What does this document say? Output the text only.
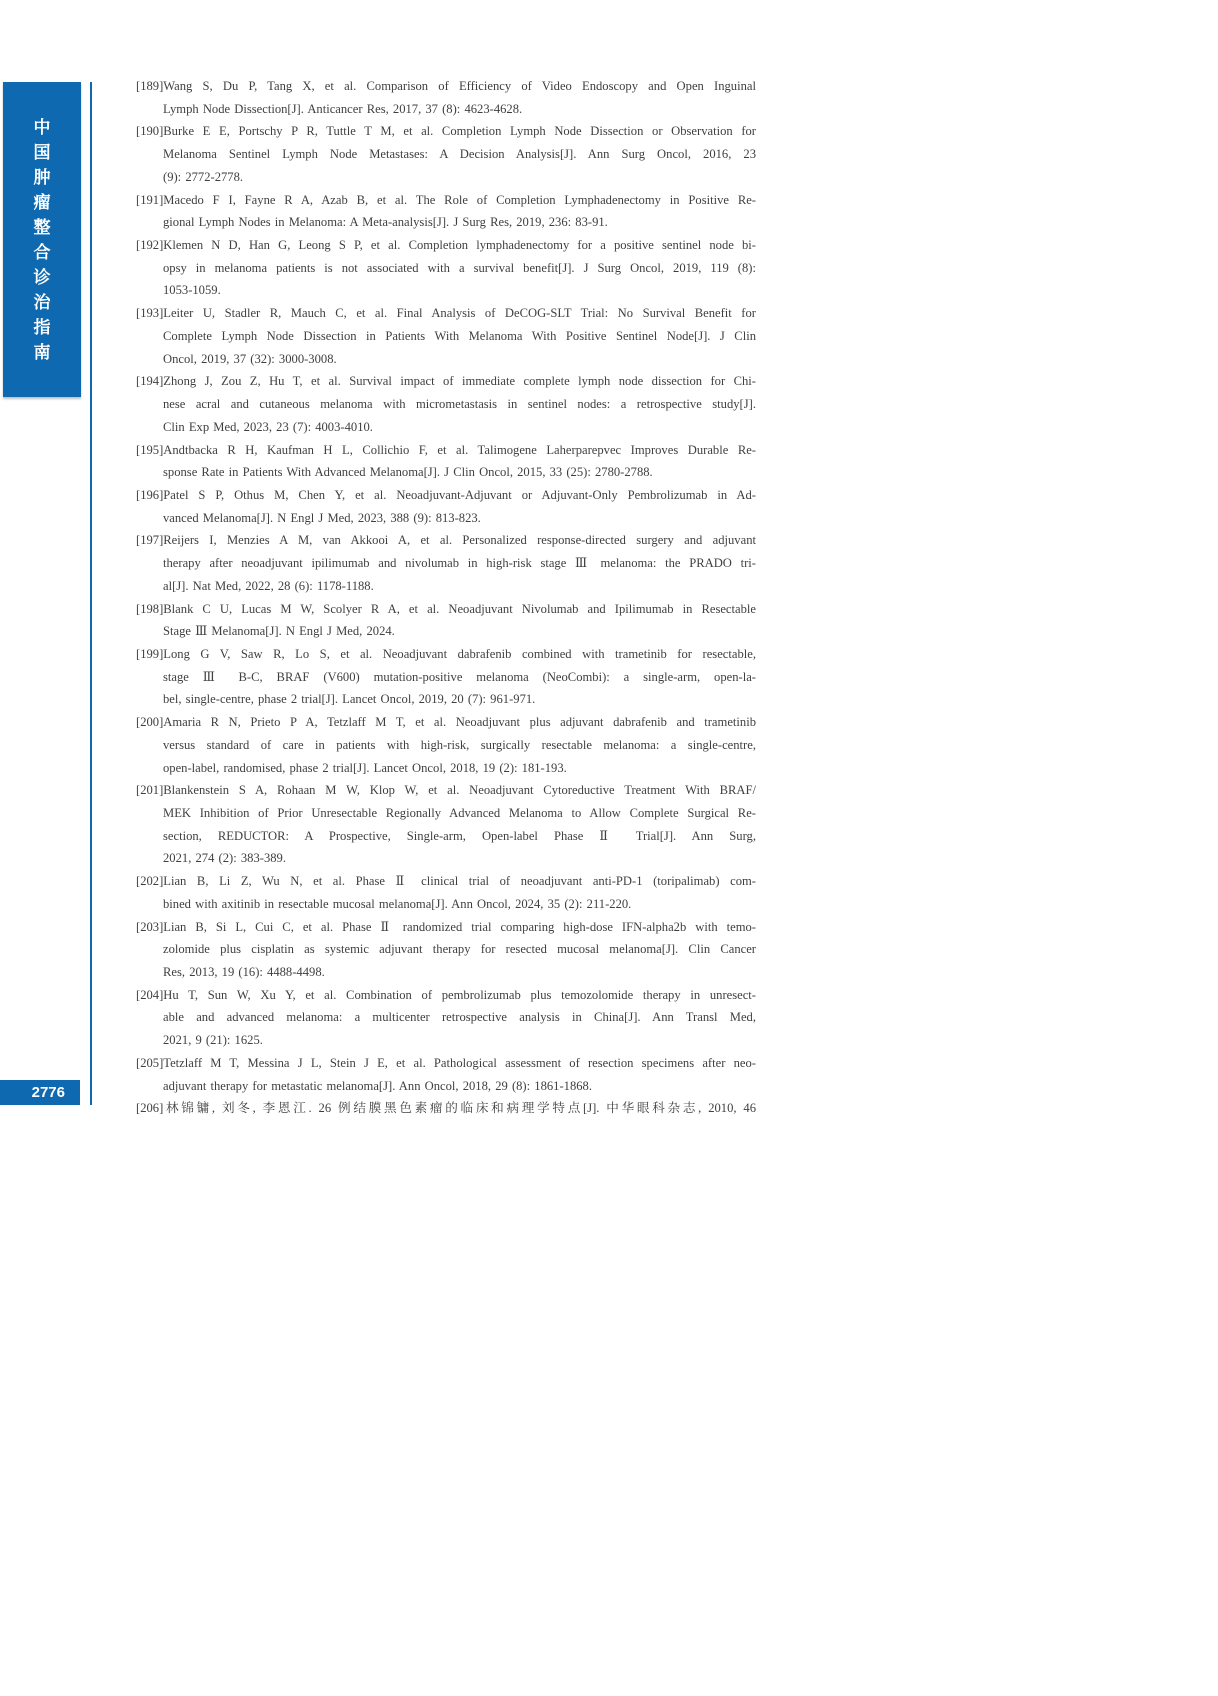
中
国
肿
瘤
整
合
诊
治
指
南
[189]Wang S, Du P, Tang X, et al. Comparison of Efficiency of Video Endoscopy and Open Inguinal
Lymph Node Dissection[J]. Anticancer Res, 2017, 37 (8): 4623-4628.
[190]Burke E E, Portschy P R, Tuttle T M, et al. Completion Lymph Node Dissection or Observation for
Melanoma Sentinel Lymph Node Metastases: A Decision Analysis[J]. Ann Surg Oncol, 2016, 23
(9): 2772-2778.
[191]Macedo F I, Fayne R A, Azab B, et al. The Role of Completion Lymphadenectomy in Positive Re-
gional Lymph Nodes in Melanoma: A Meta-analysis[J]. J Surg Res, 2019, 236: 83-91.
[192]Klemen N D, Han G, Leong S P, et al. Completion lymphadenectomy for a positive sentinel node bi-
opsy in melanoma patients is not associated with a survival benefit[J]. J Surg Oncol, 2019, 119 (8):
1053-1059.
[193]Leiter U, Stadler R, Mauch C, et al. Final Analysis of DeCOG-SLT Trial: No Survival Benefit for
Complete Lymph Node Dissection in Patients With Melanoma With Positive Sentinel Node[J]. J Clin
Oncol, 2019, 37 (32): 3000-3008.
[194]Zhong J, Zou Z, Hu T, et al. Survival impact of immediate complete lymph node dissection for Chi-
nese acral and cutaneous melanoma with micrometastasis in sentinel nodes: a retrospective study[J].
Clin Exp Med, 2023, 23 (7): 4003-4010.
[195]Andtbacka R H, Kaufman H L, Collichio F, et al. Talimogene Laherparepvec Improves Durable Re-
sponse Rate in Patients With Advanced Melanoma[J]. J Clin Oncol, 2015, 33 (25): 2780-2788.
[196]Patel S P, Othus M, Chen Y, et al. Neoadjuvant-Adjuvant or Adjuvant-Only Pembrolizumab in Ad-
vanced Melanoma[J]. N Engl J Med, 2023, 388 (9): 813-823.
[197]Reijers I, Menzies A M, van Akkooi A, et al. Personalized response-directed surgery and adjuvant
therapy after neoadjuvant ipilimumab and nivolumab in high-risk stage Ⅲ melanoma: the PRADO tri-
al[J]. Nat Med, 2022, 28 (6): 1178-1188.
[198]Blank C U, Lucas M W, Scolyer R A, et al. Neoadjuvant Nivolumab and Ipilimumab in Resectable
Stage Ⅲ Melanoma[J]. N Engl J Med, 2024.
[199]Long G V, Saw R, Lo S, et al. Neoadjuvant dabrafenib combined with trametinib for resectable,
stage Ⅲ B-C, BRAF (V600) mutation-positive melanoma (NeoCombi): a single-arm, open-la-
bel, single-centre, phase 2 trial[J]. Lancet Oncol, 2019, 20 (7): 961-971.
[200]Amaria R N, Prieto P A, Tetzlaff M T, et al. Neoadjuvant plus adjuvant dabrafenib and trametinib
versus standard of care in patients with high-risk, surgically resectable melanoma: a single-centre,
open-label, randomised, phase 2 trial[J]. Lancet Oncol, 2018, 19 (2): 181-193.
[201]Blankenstein S A, Rohaan M W, Klop W, et al. Neoadjuvant Cytoreductive Treatment With BRAF/
MEK Inhibition of Prior Unresectable Regionally Advanced Melanoma to Allow Complete Surgical Re-
section, REDUCTOR: A Prospective, Single-arm, Open-label Phase Ⅱ Trial[J]. Ann Surg,
2021, 274 (2): 383-389.
[202]Lian B, Li Z, Wu N, et al. Phase Ⅱ clinical trial of neoadjuvant anti-PD-1 (toripalimab) com-
bined with axitinib in resectable mucosal melanoma[J]. Ann Oncol, 2024, 35 (2): 211-220.
[203]Lian B, Si L, Cui C, et al. Phase Ⅱ randomized trial comparing high-dose IFN-alpha2b with temo-
zolomide plus cisplatin as systemic adjuvant therapy for resected mucosal melanoma[J]. Clin Cancer
Res, 2013, 19 (16): 4488-4498.
[204]Hu T, Sun W, Xu Y, et al. Combination of pembrolizumab plus temozolomide therapy in unresect-
able and advanced melanoma: a multicenter retrospective analysis in China[J]. Ann Transl Med,
2021, 9 (21): 1625.
[205]Tetzlaff M T, Messina J L, Stein J E, et al. Pathological assessment of resection specimens after neo-
adjuvant therapy for metastatic melanoma[J]. Ann Oncol, 2018, 29 (8): 1861-1868.
[206]林锦镛, 刘冬, 李恩江. 26 例结膜黑色素瘤的临床和病理学特点[J]. 中华眼科杂志, 2010, 46
2776
